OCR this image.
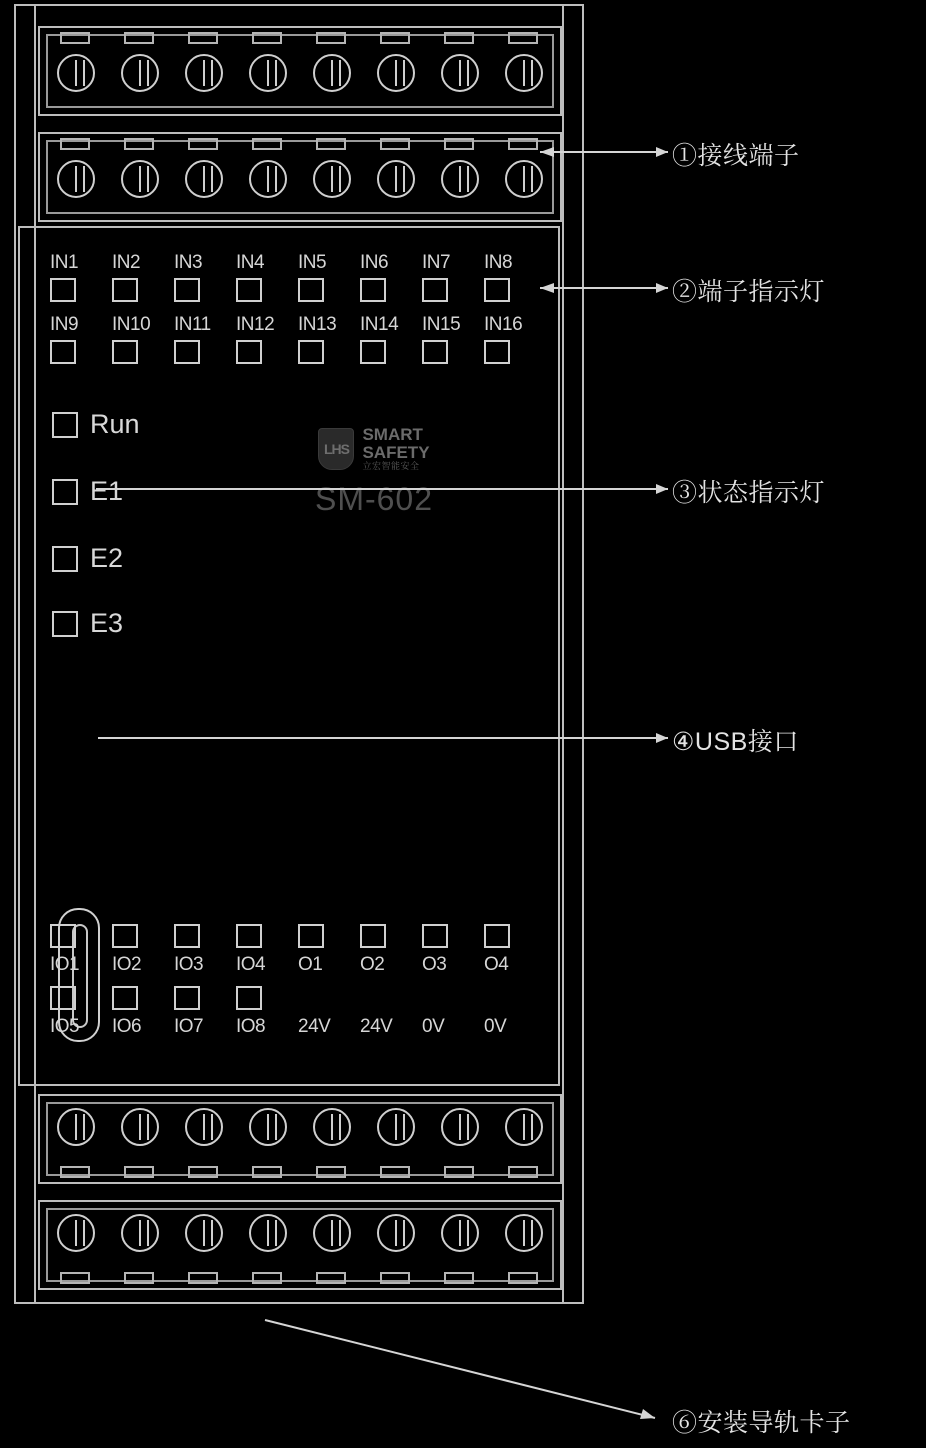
IN1	IN2	IN3	IN4	IN5	IN6	IN7	IN8
IN9	IN10	IN11	IN12	IN13	IN14	IN15	IN16
Run
E1
E2
E3
LHS
SMART
SAFETY
立宏智能安全
SM-602
IO1	IO2	IO3	IO4	O1	O2	O3	O4
IO5	IO6	IO7	IO8	24V	24V	0V	0V
①接线端子
②端子指示灯
③状态指示灯
④USB接口
⑥安装导轨卡子
